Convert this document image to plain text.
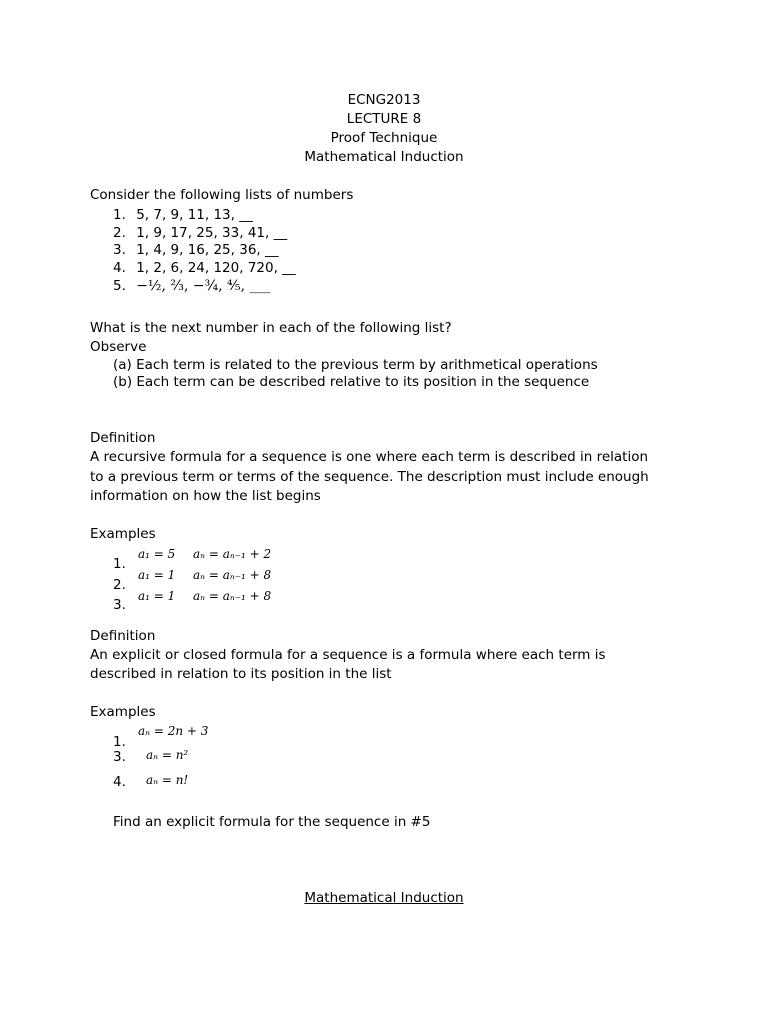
ECNG2013
LECTURE 8
Proof Technique
Mathematical Induction
Consider the following lists of numbers
1. 5, 7, 9, 11, 13, __
2. 1, 9, 17, 25, 33, 41, __
3. 1, 4, 9, 16, 25, 36, __
4. 1, 2, 6, 24, 120, 720, __
5. −½, ⅔, −¾, ⅘, ___
What is the next number in each of the following list?
Observe
(a) Each term is related to the previous term by arithmetical operations
(b) Each term can be described relative to its position in the sequence
Definition
A recursive formula for a sequence is one where each term is described in relation
to a previous term or terms of the sequence. The description must include enough
information on how the list begins
Examples
1.
a₁ = 5 aₙ = aₙ₋₁ + 2
2.
a₁ = 1 aₙ = aₙ₋₁ + 8
3.
a₁ = 1 aₙ = aₙ₋₁ + 8
Definition
An explicit or closed formula for a sequence is a formula where each term is
described in relation to its position in the list
Examples
1.
aₙ = 2n + 3
3. aₙ = n²
4. aₙ = n!
Find an explicit formula for the sequence in #5
Mathematical Induction
